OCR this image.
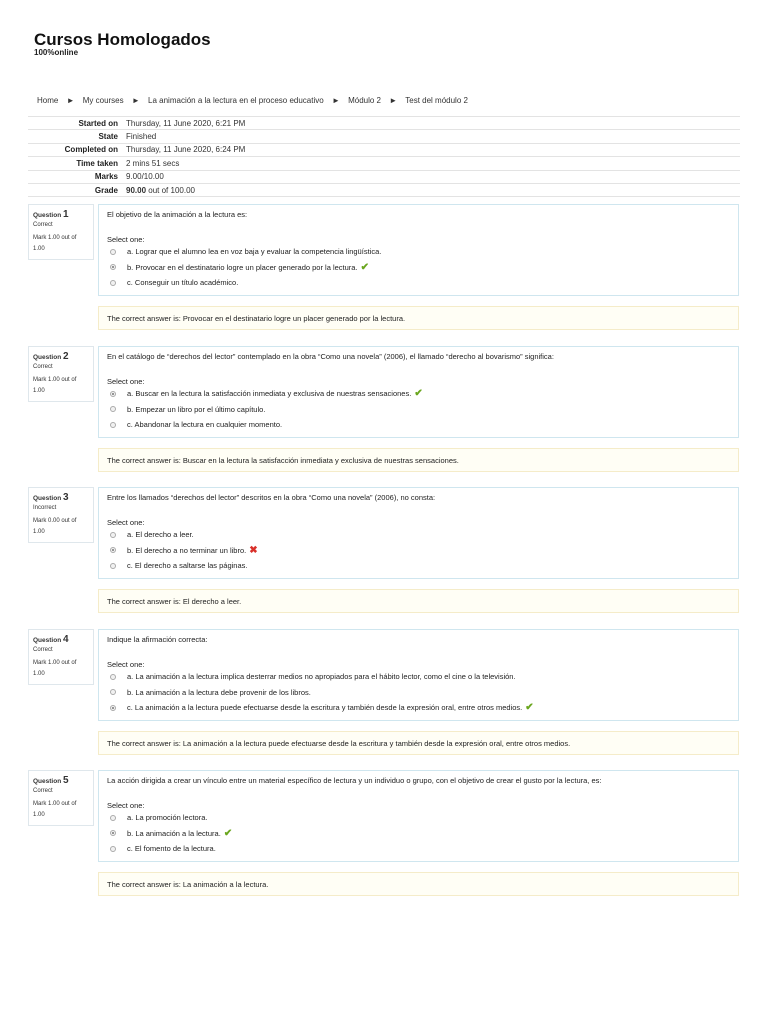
Cursos Homologados
100%online
Home ► My courses ► La animación a la lectura en el proceso educativo ► Módulo 2 ► Test del módulo 2
Started on Thursday, 11 June 2020, 6:21 PM
State Finished
Completed on Thursday, 11 June 2020, 6:24 PM
Time taken 2 mins 51 secs
Marks 9.00/10.00
Grade 90.00 out of 100.00
Question 1
Correct
Mark 1.00 out of 1.00
El objetivo de la animación a la lectura es:
Select one:
a. Lograr que el alumno lea en voz baja y evaluar la competencia lingüística.
b. Provocar en el destinatario logre un placer generado por la lectura. ✔
c. Conseguir un título académico.
The correct answer is: Provocar en el destinatario logre un placer generado por la lectura.
Question 2
Correct
Mark 1.00 out of 1.00
En el catálogo de “derechos del lector” contemplado en la obra “Como una novela” (2006), el llamado “derecho al bovarismo” significa:
Select one:
a. Buscar en la lectura la satisfacción inmediata y exclusiva de nuestras sensaciones. ✔
b. Empezar un libro por el último capítulo.
c. Abandonar la lectura en cualquier momento.
The correct answer is: Buscar en la lectura la satisfacción inmediata y exclusiva de nuestras sensaciones.
Question 3
Incorrect
Mark 0.00 out of 1.00
Entre los llamados “derechos del lector” descritos en la obra “Como una novela” (2006), no consta:
Select one:
a. El derecho a leer.
b. El derecho a no terminar un libro. ✖
c. El derecho a saltarse las páginas.
The correct answer is: El derecho a leer.
Question 4
Correct
Mark 1.00 out of 1.00
Indique la afirmación correcta:
Select one:
a. La animación a la lectura implica desterrar medios no apropiados para el hábito lector, como el cine o la televisión.
b. La animación a la lectura debe provenir de los libros.
c. La animación a la lectura puede efectuarse desde la escritura y también desde la expresión oral, entre otros medios. ✔
The correct answer is: La animación a la lectura puede efectuarse desde la escritura y también desde la expresión oral, entre otros medios.
Question 5
Correct
Mark 1.00 out of 1.00
La acción dirigida a crear un vínculo entre un material específico de lectura y un individuo o grupo, con el objetivo de crear el gusto por la lectura, es:
Select one:
a. La promoción lectora.
b. La animación a la lectura. ✔
c. El fomento de la lectura.
The correct answer is: La animación a la lectura.
